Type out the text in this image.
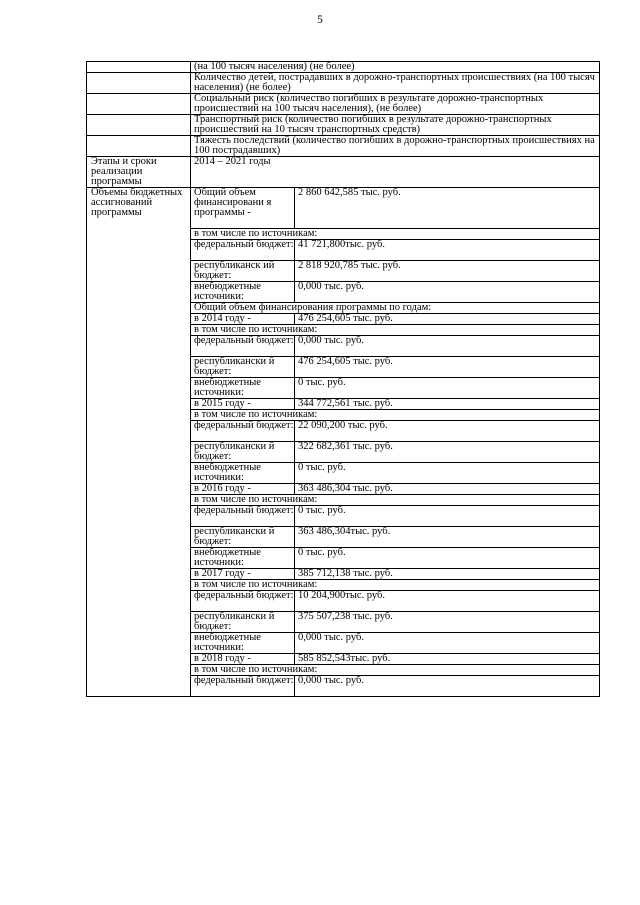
5
	(на 100 тысяч населения) (не более)	
	Количество детей, пострадавших в дорожно-транспортных происшествиях (на 100 тысяч населения) (не более)	
	Социальный риск (количество погибших в результате дорожно-транспортных происшествий на 100 тысяч населения), (не более)	
	Транспортный риск (количество погибших в результате дорожно-транспортных происшествий на 10 тысяч транспортных средств)	
	Тяжесть последствий (количество погибших в дорожно-транспортных происшествиях на 100 пострадавших)	
Этапы и сроки реализации программы	2014 – 2021 годы	
Объемы бюджетных ассигнований программы	Общий объем финансировани я программы -	2 860 642,585 тыс. руб.
	в том числе по источникам:	
	федеральный бюджет:	41 721,800тыс. руб.
	республиканск ий бюджет:	2 818 920,785 тыс. руб.
	внебюджетные источники:	0,000 тыс. руб.
	Общий объем финансирования программы по годам:	
	в 2014 году -	476 254,605 тыс. руб.
	в том числе по источникам:	
	федеральный бюджет:	0,000 тыс. руб.
	республикански й бюджет:	476 254,605 тыс. руб.
	внебюджетные источники:	0 тыс. руб.
	в 2015 году -	344 772,561 тыс. руб.
	в том числе по источникам:	
	федеральный бюджет:	22 090,200 тыс. руб.
	республикански й бюджет:	322 682,361 тыс. руб.
	внебюджетные источники:	0 тыс. руб.
	в 2016 году -	363 486,304 тыс. руб.
	в том числе по источникам:	
	федеральный бюджет:	0 тыс. руб.
	республикански й бюджет:	363 486,304тыс. руб.
	внебюджетные источники:	0 тыс. руб.
	в 2017 году -	385 712,138 тыс. руб.
	в том числе по источникам:	
	федеральный бюджет:	10 204,900тыс. руб.
	республикански й бюджет:	375 507,238 тыс. руб.
	внебюджетные источники:	0,000 тыс. руб.
	в 2018 году -	585 852,543тыс. руб.
	в том числе по источникам:	
	федеральный бюджет:	0,000 тыс. руб.
